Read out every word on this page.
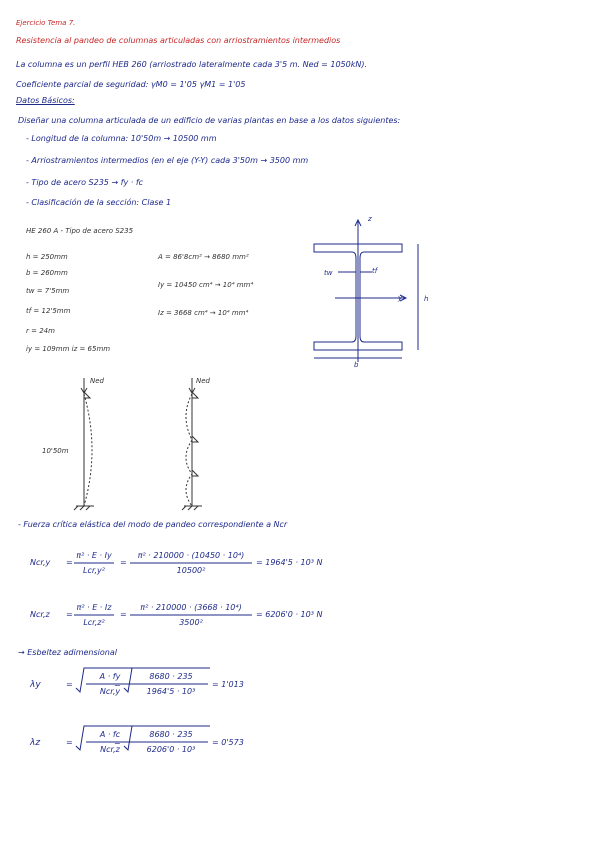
Ejercicio Tema 7.
Resistencia al pandeo de columnas articuladas con arriostramientos intermedios
La columna es un perfil HEB 260 (arriostrado lateralmente cada 3'5 m. Ned = 1050kN).
Coeficiente parcial de seguridad: γM0 = 1'05 γM1 = 1'05
Datos Básicos:
Diseñar una columna articulada de un edificio de varias plantas en base a los datos siguientes:
- Longitud de la columna: 10'50m → 10500 mm
- Arriostramientos intermedios (en el eje (Y-Y) cada 3'50m → 3500 mm
- Tipo de acero S235 → fy · fc
- Clasificación de la sección: Clase 1
HE 260 A - Tipo de acero S235
h = 250mm
b = 260mm
tw = 7'5mm
tf = 12'5mm
r = 24m
iy = 109mm iz = 65mm
A = 86'8cm² → 8680 mm²
Iy = 10450 cm⁴ → 10⁴ mm⁴
Iz = 3668 cm⁴ → 10⁴ mm⁴
z
y
tw	tf
h
b
Ned	Ned
10'50m
- Fuerza crítica elástica del modo de pandeo correspondiente a Ncr
Ncr,y =
π² · E · Iy
Lcr,y²
=
π² · 210000 · (10450 · 10⁴)
10500²
= 1964'5 · 10³ N
Ncr,z =
π² · E · Iz
Lcr,z²
=
π² · 210000 · (3668 · 10⁴)
3500²
= 6206'0 · 10³ N
→ Esbeltez adimensional
λy	=
A · fy
Ncr,y
=
8680 · 235
1964'5 · 10³
= 1'013
λz	=
A · fc
Ncr,z
=
8680 · 235
6206'0 · 10³
= 0'573
